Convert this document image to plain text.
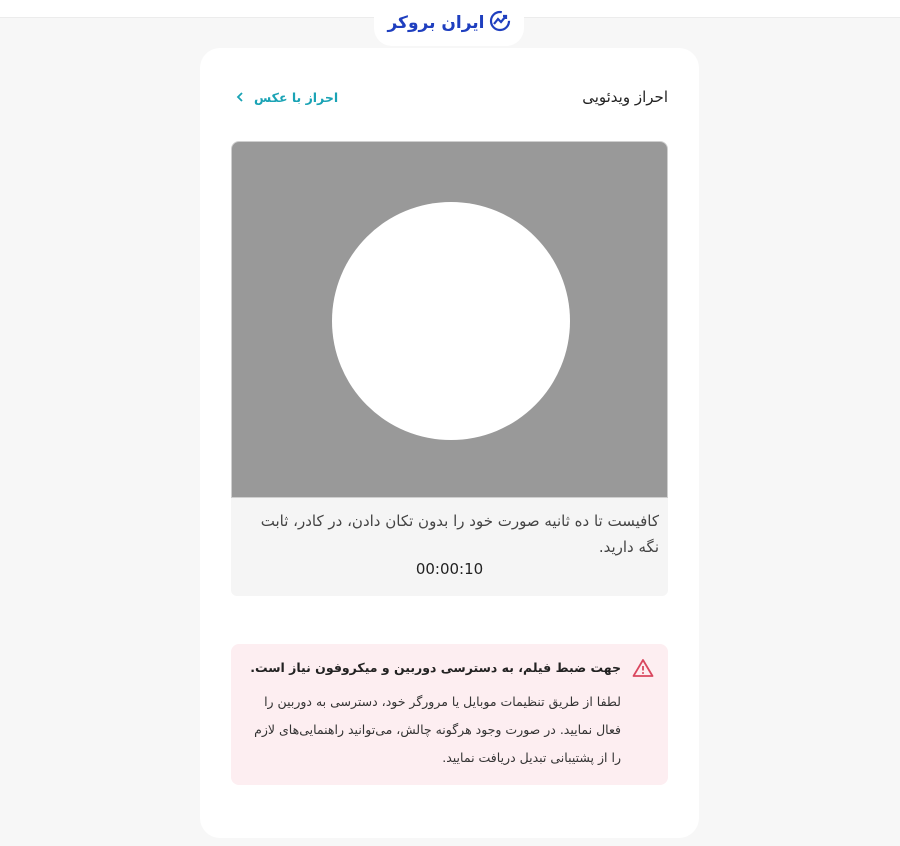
ایران بروکر
احراز ویدئویی
احراز با عکس
کافیست تا ده ثانیه صورت خود را بدون تکان دادن، در کادر، ثابت نگه دارید.
00:00:10
جهت ضبط فیلم، به دسترسی دوربین و میکروفون نیاز است.
لطفا از طریق تنظیمات موبایل یا مرورگر خود، دسترسی به دوربین را فعال نمایید. در صورت وجود هرگونه چالش، می‌توانید راهنمایی‌های لازم را از پشتیبانی تبدیل دریافت نمایید.
